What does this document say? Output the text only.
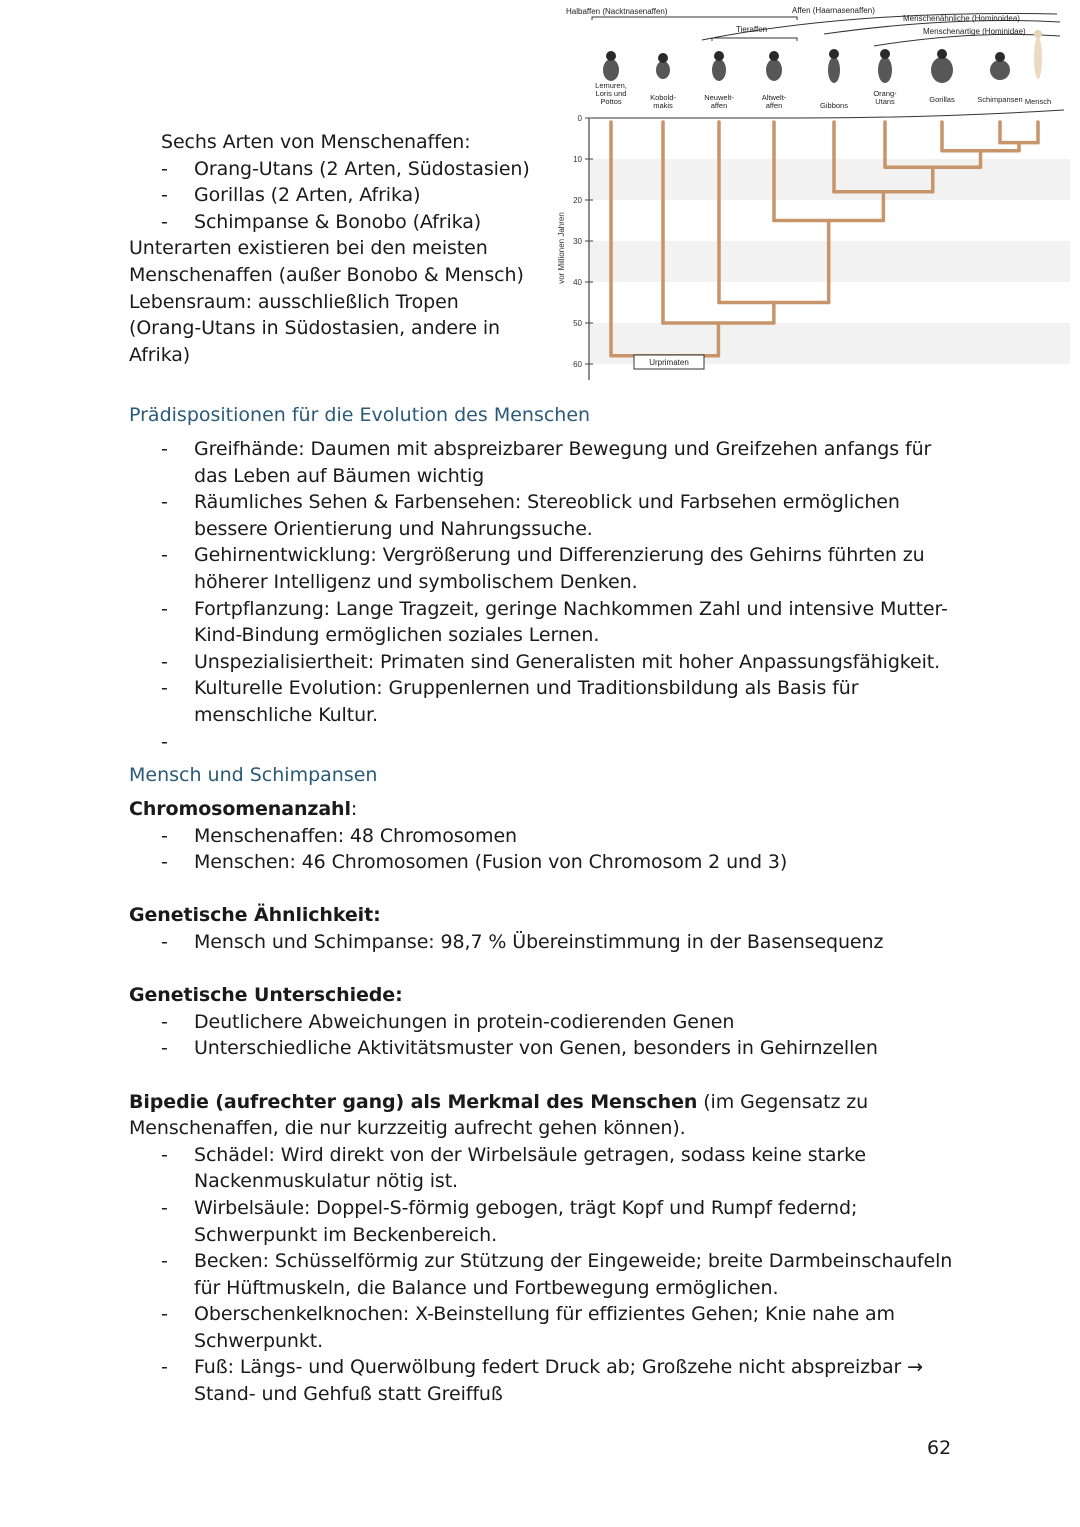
Sechs Arten von Menschenaffen:
- Orang-Utans (2 Arten, Südostasien)
- Gorillas (2 Arten, Afrika)
- Schimpanse & Bonobo (Afrika)
Unterarten existieren bei den meisten
Menschenaffen (außer Bonobo & Mensch)
Lebensraum: ausschließlich Tropen
(Orang-Utans in Südostasien, andere in
Afrika)
0
10
20
30
40
50
60
vor Millionen Jahren
Urprimaten
Lemuren,
Loris und
Pottos	Kobold-
makis
Neuwelt-
affen
Altwelt-
affen	Gibbons
Orang-
Utans	Gorillas	Schimpansen Mensch
Halbaffen (Nacktnasenaffen)	Affen (Haarnasenaffen)
Tieraffen
Menschenähnliche (Hominoidea)
Menschenartige (Hominidae)
Prädispositionen für die Evolution des Menschen
- Greifhände: Daumen mit abspreizbarer Bewegung und Greifzehen anfangs für
das Leben auf Bäumen wichtig
- Räumliches Sehen & Farbensehen: Stereoblick und Farbsehen ermöglichen
bessere Orientierung und Nahrungssuche.
- Gehirnentwicklung: Vergrößerung und Differenzierung des Gehirns führten zu
höherer Intelligenz und symbolischem Denken.
- Fortpflanzung: Lange Tragzeit, geringe Nachkommen Zahl und intensive Mutter-
Kind-Bindung ermöglichen soziales Lernen.
- Unspezialisiertheit: Primaten sind Generalisten mit hoher Anpassungsfähigkeit.
- Kulturelle Evolution: Gruppenlernen und Traditionsbildung als Basis für
menschliche Kultur.
-

Mensch und Schimpansen
Chromosomenanzahl:
- Menschenaffen: 48 Chromosomen
- Menschen: 46 Chromosomen (Fusion von Chromosom 2 und 3)
Genetische Ähnlichkeit:
- Mensch und Schimpanse: 98,7 % Übereinstimmung in der Basensequenz
Genetische Unterschiede:
- Deutlichere Abweichungen in protein-codierenden Genen
- Unterschiedliche Aktivitätsmuster von Genen, besonders in Gehirnzellen
Bipedie (aufrechter gang) als Merkmal des Menschen (im Gegensatz zu
Menschenaffen, die nur kurzzeitig aufrecht gehen können).
- Schädel: Wird direkt von der Wirbelsäule getragen, sodass keine starke
Nackenmuskulatur nötig ist.
- Wirbelsäule: Doppel-S-förmig gebogen, trägt Kopf und Rumpf federnd;
Schwerpunkt im Beckenbereich.
- Becken: Schüsselförmig zur Stützung der Eingeweide; breite Darmbeinschaufeln
für Hüftmuskeln, die Balance und Fortbewegung ermöglichen.
- Oberschenkelknochen: X-Beinstellung für effizientes Gehen; Knie nahe am
Schwerpunkt.
- Fuß: Längs- und Querwölbung federt Druck ab; Großzehe nicht abspreizbar →
Stand- und Gehfuß statt Greiffuß
62
